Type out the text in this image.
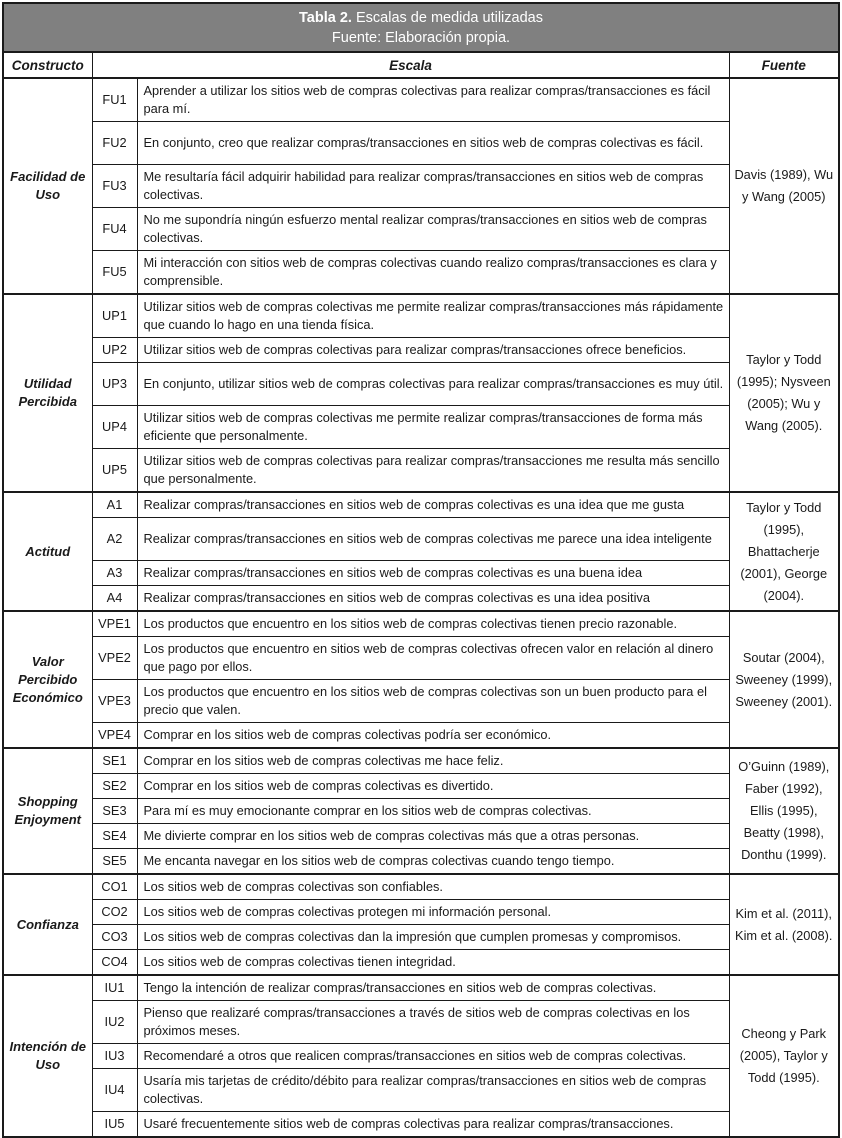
Tabla 2. Escalas de medida utilizadas
Fuente: Elaboración propia.			

Constructo	Escala		Fuente
Facilidad de Uso	FU1	Aprender a utilizar los sitios web de compras colectivas para realizar compras/transacciones es fácil para mí.	Davis (1989), Wu y Wang (2005)
	FU2	En conjunto, creo que realizar compras/transacciones en sitios web de compras colectivas es fácil.	
	FU3	Me resultaría fácil adquirir habilidad para realizar compras/transacciones en sitios web de compras colectivas.	
	FU4	No me supondría ningún esfuerzo mental realizar compras/transacciones en sitios web de compras colectivas.	
	FU5	Mi interacción con sitios web de compras colectivas cuando realizo compras/transacciones es clara y comprensible.	
Utilidad Percibida	UP1	Utilizar sitios web de compras colectivas me permite realizar compras/transacciones más rápidamente que cuando lo hago en una tienda física.	Taylor y Todd (1995); Nysveen (2005); Wu y Wang (2005).
	UP2	Utilizar sitios web de compras colectivas para realizar compras/transacciones ofrece beneficios.	
	UP3	En conjunto, utilizar sitios web de compras colectivas para realizar compras/transacciones es muy útil.	
	UP4	Utilizar sitios web de compras colectivas me permite realizar compras/transacciones de forma más eficiente que personalmente.	
	UP5	Utilizar sitios web de compras colectivas para realizar compras/transacciones me resulta más sencillo que personalmente.	
Actitud	A1	Realizar compras/transacciones en sitios web de compras colectivas es una idea que me gusta	Taylor y Todd (1995), Bhattacherje (2001), George (2004).
	A2	Realizar compras/transacciones en sitios web de compras colectivas me parece una idea inteligente	
	A3	Realizar compras/transacciones en sitios web de compras colectivas es una buena idea	
	A4	Realizar compras/transacciones en sitios web de compras colectivas es una idea positiva	
Valor Percibido Económico	VPE1	Los productos que encuentro en los sitios web de compras colectivas tienen precio razonable.	Soutar (2004), Sweeney (1999), Sweeney (2001).
	VPE2	Los productos que encuentro en sitios web de compras colectivas ofrecen valor en relación al dinero que pago por ellos.	
	VPE3	Los productos que encuentro en los sitios web de compras colectivas son un buen producto para el precio que valen.	
	VPE4	Comprar en los sitios web de compras colectivas podría ser económico.	
Shopping Enjoyment	SE1	Comprar en los sitios web de compras colectivas me hace feliz.	O’Guinn (1989), Faber (1992), Ellis (1995), Beatty (1998), Donthu (1999).
	SE2	Comprar en los sitios web de compras colectivas es divertido.	
	SE3	Para mí es muy emocionante comprar en los sitios web de compras colectivas.	
	SE4	Me divierte comprar en los sitios web de compras colectivas más que a otras personas.	
	SE5	Me encanta navegar en los sitios web de compras colectivas cuando tengo tiempo.	
Confianza	CO1	Los sitios web de compras colectivas son confiables.	Kim et al. (2011), Kim et al. (2008).
	CO2	Los sitios web de compras colectivas protegen mi información personal.	
	CO3	Los sitios web de compras colectivas dan la impresión que cumplen promesas y compromisos.	
	CO4	Los sitios web de compras colectivas tienen integridad.	
Intención de Uso	IU1	Tengo la intención de realizar compras/transacciones en sitios web de compras colectivas.	Cheong y Park (2005), Taylor y Todd (1995).
	IU2	Pienso que realizaré compras/transacciones a través de sitios web de compras colectivas en los próximos meses.	
	IU3	Recomendaré a otros que realicen compras/transacciones en sitios web de compras colectivas.	
	IU4	Usaría mis tarjetas de crédito/débito para realizar compras/transacciones en sitios web de compras colectivas.	
	IU5	Usaré frecuentemente sitios web de compras colectivas para realizar compras/transacciones.	
